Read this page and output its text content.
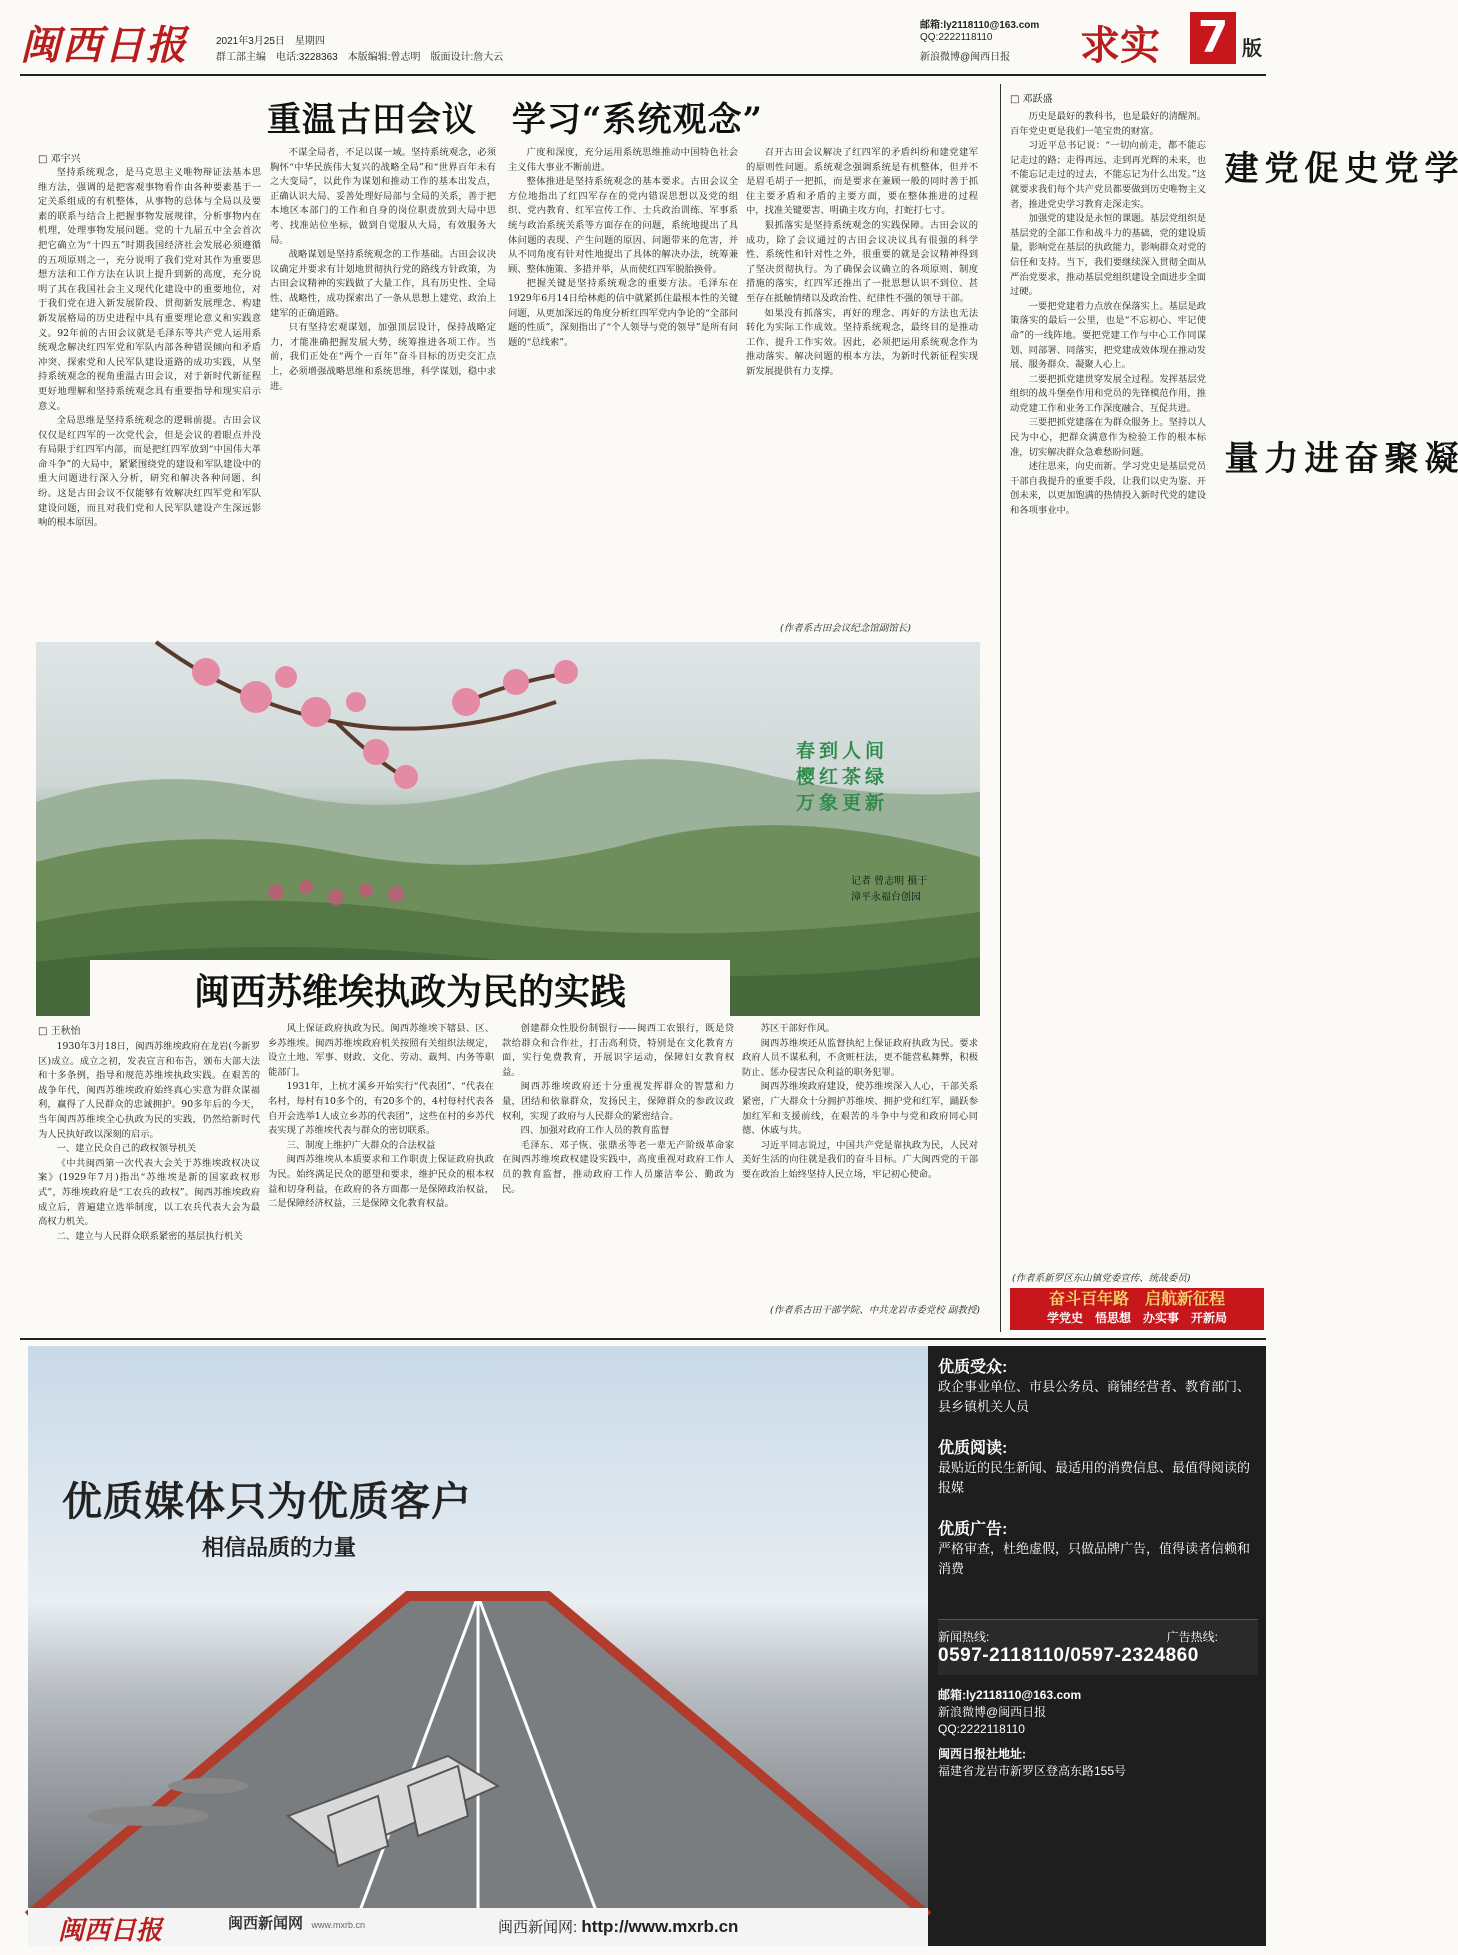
闽西日报	2021年3月25日　星期四
群工部主编　电话:3228363　本版编辑:曾志明　版面设计:詹大云
邮箱:ly2118110@163.com
QQ:2222118110
新浪微博@闽西日报 求实 7 版
重温古田会议　学习“系统观念”
□ 邓宇兴

坚持系统观念，是马克思主义唯物辩证法基本思维方法，强调的是把客观事物看作由各种要素基于一定关系组成的有机整体，从事物的总体与全局以及要素的联系与结合上把握事物发展规律，分析事物内在机理，处理事物发展问题。党的十九届五中全会首次把它确立为“十四五”时期我国经济社会发展必须遵循的五项原则之一，充分说明了我们党对其作为重要思想方法和工作方法在认识上提升到新的高度，充分说明了其在我国社会主义现代化建设中的重要地位，对于我们党在进入新发展阶段、贯彻新发展理念、构建新发展格局的历史进程中具有重要理论意义和实践意义。92年前的古田会议就是毛泽东等共产党人运用系统观念解决红四军党和军队内部各种错误倾向和矛盾冲突、探索党和人民军队建设道路的成功实践，从坚持系统观念的视角重温古田会议，对于新时代新征程更好地理解和坚持系统观念具有重要指导和现实启示意义。

全局思维是坚持系统观念的逻辑前提。古田会议仅仅是红四军的一次党代会，但是会议的着眼点并没有局限于红四军内部，而是把红四军放到“中国伟大革命斗争”的大局中，紧紧围绕党的建设和军队建设中的重大问题进行深入分析，研究和解决各种问题、纠纷。这是古田会议不仅能够有效解决红四军党和军队建设问题，而且对我们党和人民军队建设产生深远影响的根本原因。

不谋全局者，不足以谋一域。坚持系统观念，必须胸怀“中华民族伟大复兴的战略全局”和“世界百年未有之大变局”，以此作为谋划和推动工作的基本出发点，正确认识大局、妥善处理好局部与全局的关系，善于把本地区本部门的工作和自身的岗位职责放到大局中思考、找准站位坐标，做到自觉服从大局，有效服务大局。

战略谋划是坚持系统观念的工作基础。古田会议决议确定并要求有计划地贯彻执行党的路线方针政策，为古田会议精神的实践做了大量工作，具有历史性、全局性、战略性，成功探索出了一条从思想上建党、政治上建军的正确道路。

只有坚持宏观谋划，加强顶层设计，保持战略定力，才能准确把握发展大势，统筹推进各项工作。当前，我们正处在“两个一百年”奋斗目标的历史交汇点上，必须增强战略思维和系统思维，科学谋划，稳中求进。

广度和深度，充分运用系统思维推动中国特色社会主义伟大事业不断前进。

整体推进是坚持系统观念的基本要求。古田会议全方位地指出了红四军存在的党内错误思想以及党的组织、党内教育、红军宣传工作、士兵政治训练、军事系统与政治系统关系等方面存在的问题，系统地提出了具体问题的表现、产生问题的原因、问题带来的危害，并从不同角度有针对性地提出了具体的解决办法，统筹兼顾、整体施策、多措并举，从而使红四军脱胎换骨。

把握关键是坚持系统观念的重要方法。毛泽东在1929年6月14日给林彪的信中就紧抓住最根本性的关键问题，从更加深远的角度分析红四军党内争论的“全部问题的性质”，深刻指出了“个人领导与党的领导”是所有问题的“总线索”。

召开古田会议解决了红四军的矛盾纠纷和建党建军的原则性问题。系统观念强调系统是有机整体，但并不是眉毛胡子一把抓，而是要求在兼顾一般的同时善于抓住主要矛盾和矛盾的主要方面，要在整体推进的过程中，找准关键要害、明确主攻方向，打蛇打七寸。

狠抓落实是坚持系统观念的实践保障。古田会议的成功，除了会议通过的古田会议决议具有很强的科学性、系统性和针对性之外，很重要的就是会议精神得到了坚决贯彻执行。为了确保会议确立的各项原则、制度措施的落实，红四军还推出了一批思想认识不到位、甚至存在抵触情绪以及政治性、纪律性不强的领导干部。

如果没有抓落实，再好的理念、再好的方法也无法转化为实际工作成效。坚持系统观念，最终目的是推动工作、提升工作实效。因此，必须把运用系统观念作为推动落实、解决问题的根本方法，为新时代新征程实现新发展提供有力支撑。

(作者系古田会议纪念馆副馆长)
春到人间
樱红茶绿
万象更新
记者 曾志明 摄于
漳平永福台创园
闽西苏维埃执政为民的实践
□ 王秋怡

1930年3月18日，闽西苏维埃政府在龙岩(今新罗区)成立。成立之初，发表宣言和布告，颁布大部大法和十多条例，指导和规范苏维埃执政实践。在艰苦的战争年代，闽西苏维埃政府始终真心实意为群众谋福利，赢得了人民群众的忠诚拥护。90多年后的今天，当年闽西苏维埃全心执政为民的实践，仍然给新时代为人民执好政以深刻的启示。

一、建立民众自己的政权领导机关

《中共闽西第一次代表大会关于苏维埃政权决议案》(1929年7月)指出“苏维埃是新的国家政权形式”，苏维埃政府是“工农兵的政权”。闽西苏维埃政府成立后，普遍建立选举制度，以工农兵代表大会为最高权力机关。

二、建立与人民群众联系紧密的基层执行机关

风上保证政府执政为民。闽西苏维埃下辖县、区、乡苏维埃。闽西苏维埃政府机关按照有关组织法规定，设立土地、军事、财政、文化、劳动、裁判、内务等职能部门。

1931年，上杭才溪乡开始实行“代表团”、“代表在名村，每村有10多个的，有20多个的，4村每村代表各自开会选举1人成立乡苏的代表团”，这些在村的乡苏代表实现了苏维埃代表与群众的密切联系。

三、制度上维护广大群众的合法权益

闽西苏维埃从本质要求和工作职责上保证政府执政为民。始终满足民众的愿望和要求，维护民众的根本权益和切身利益，在政府的各方面都一是保障政治权益，二是保障经济权益，三是保障文化教育权益。

创建群众性股份制银行——闽西工农银行，既是贷款给群众和合作社，打击高利贷，特别是在文化教育方面，实行免费教育，开展识字运动，保障妇女教育权益。

闽西苏维埃政府还十分重视发挥群众的智慧和力量，团结和依靠群众，发扬民主，保障群众的参政议政权利，实现了政府与人民群众的紧密结合。

四、加强对政府工作人员的教育监督

毛泽东、邓子恢、张鼎丞等老一辈无产阶级革命家在闽西苏维埃政权建设实践中，高度重视对政府工作人员的教育监督，推动政府工作人员廉洁奉公、勤政为民。

苏区干部好作风。

闽西苏维埃还从监督执纪上保证政府执政为民。要求政府人员不谋私利，不贪赃枉法，更不能营私舞弊，积极防止、惩办侵害民众利益的职务犯罪。

闽西苏维埃政府建设，使苏维埃深入人心，干部关系紧密，广大群众十分拥护苏维埃、拥护党和红军，踊跃参加红军和支援前线，在艰苦的斗争中与党和政府同心同德、休戚与共。

习近平同志说过，中国共产党是靠执政为民，人民对美好生活的向往就是我们的奋斗目标。广大闽西党的干部要在政治上始终坚持人民立场，牢记初心使命。

(作者系古田干部学院、中共龙岩市委党校 副教授)
□ 邓跃盛
学党史促党建
凝聚奋进力量

历史是最好的教科书，也是最好的清醒剂。百年党史更是我们一笔宝贵的财富。

习近平总书记说：“一切向前走，都不能忘记走过的路；走得再远、走到再光辉的未来，也不能忘记走过的过去，不能忘记为什么出发。”这就要求我们每个共产党员都要做到历史唯物主义者，推进党史学习教育走深走实。

加强党的建设是永恒的课题。基层党组织是基层党的全部工作和战斗力的基础，党的建设质量，影响党在基层的执政能力，影响群众对党的信任和支持。当下，我们要继续深入贯彻全面从严治党要求，推动基层党组织建设全面进步全面过硬。

一要把党建着力点放在保落实上。基层是政策落实的最后一公里，也是“不忘初心、牢记使命”的一线阵地。要把党建工作与中心工作同谋划、同部署、同落实，把党建成效体现在推动发展、服务群众、凝聚人心上。

二要把抓党建贯穿发展全过程。发挥基层党组织的战斗堡垒作用和党员的先锋模范作用，推动党建工作和业务工作深度融合、互促共进。

三要把抓党建落在为群众服务上。坚持以人民为中心，把群众满意作为检验工作的根本标准，切实解决群众急难愁盼问题。

述往思来，向史而新。学习党史是基层党员干部自我提升的重要手段，让我们以史为鉴、开创未来，以更加饱满的热情投入新时代党的建设和各项事业中。

(作者系新罗区东山镇党委宣传、统战委员)
奋斗百年路　启航新征程
学党史　悟思想　办实事　开新局
优质媒体只为优质客户
相信品质的力量
优质受众:
政企事业单位、市县公务员、商铺经营者、教育部门、县乡镇机关人员
优质阅读:
最贴近的民生新闻、最适用的消费信息、最值得阅读的报媒
优质广告:
严格审查，杜绝虚假，只做品牌广告，值得读者信赖和消费
新闻热线:	广告热线:
0597-2118110/0597-2324860
邮箱:ly2118110@163.com
新浪微博@闽西日报
QQ:2222118110
闽西日报社地址:
福建省龙岩市新罗区登高东路155号
闽西日报	闽西新闻网 www.mxrb.cn	闽西新闻网: http://www.mxrb.cn
